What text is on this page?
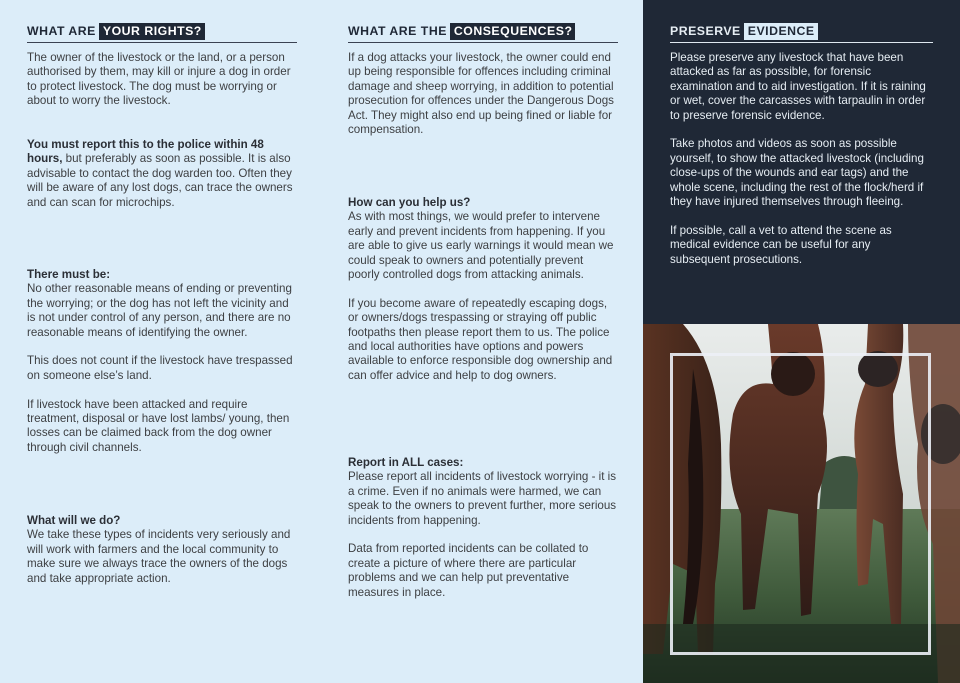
WHAT ARE YOUR RIGHTS?

The owner of the livestock or the land, or a person authorised by them, may kill or injure a dog in order to protect livestock. The dog must be worrying or about to worry the livestock.

You must report this to the police within 48 hours, but preferably as soon as possible. It is also advisable to contact the dog warden too. Often they will be aware of any lost dogs, can trace the owners and can scan for microchips.

There must be:

No other reasonable means of ending or preventing the worrying; or the dog has not left the vicinity and is not under control of any person, and there are no reasonable means of identifying the owner.

This does not count if the livestock have trespassed on someone else’s land.

If livestock have been attacked and require treatment, disposal or have lost lambs/ young, then losses can be claimed back from the dog owner through civil channels.

What will we do?

We take these types of incidents very seriously and will work with farmers and the local community to make sure we always trace the owners of the dogs and take appropriate action.

WHAT ARE THE CONSEQUENCES?

If a dog attacks your livestock, the owner could end up being responsible for offences including criminal damage and sheep worrying, in addition to potential prosecution for offences under the Dangerous Dogs Act. They might also end up being fined or liable for compensation.

How can you help us?

As with most things, we would prefer to intervene early and prevent incidents from happening. If you are able to give us early warnings it would mean we could speak to owners and potentially prevent poorly controlled dogs from attacking animals.

If you become aware of repeatedly escaping dogs, or owners/dogs trespassing or straying off public footpaths then please report them to us. The police and local authorities have options and powers available to enforce responsible dog ownership and can offer advice and help to dog owners.

Report in ALL cases:

Please report all incidents of livestock worrying - it is a crime. Even if no animals were harmed, we can speak to the owners to prevent further, more serious incidents from happening.

Data from reported incidents can be collated to create a picture of where there are particular problems and we can help put preventative measures in place.

PRESERVE EVIDENCE

Please preserve any livestock that have been attacked as far as possible, for forensic examination and to aid investigation. If it is raining or wet, cover the carcasses with tarpaulin in order to preserve forensic evidence.

Take photos and videos as soon as possible yourself, to show the attacked livestock (including close-ups of the wounds and ear tags) and the whole scene, including the rest of the flock/herd if they have injured themselves through fleeing.

If possible, call a vet to attend the scene as medical evidence can be useful for any subsequent prosecutions.
